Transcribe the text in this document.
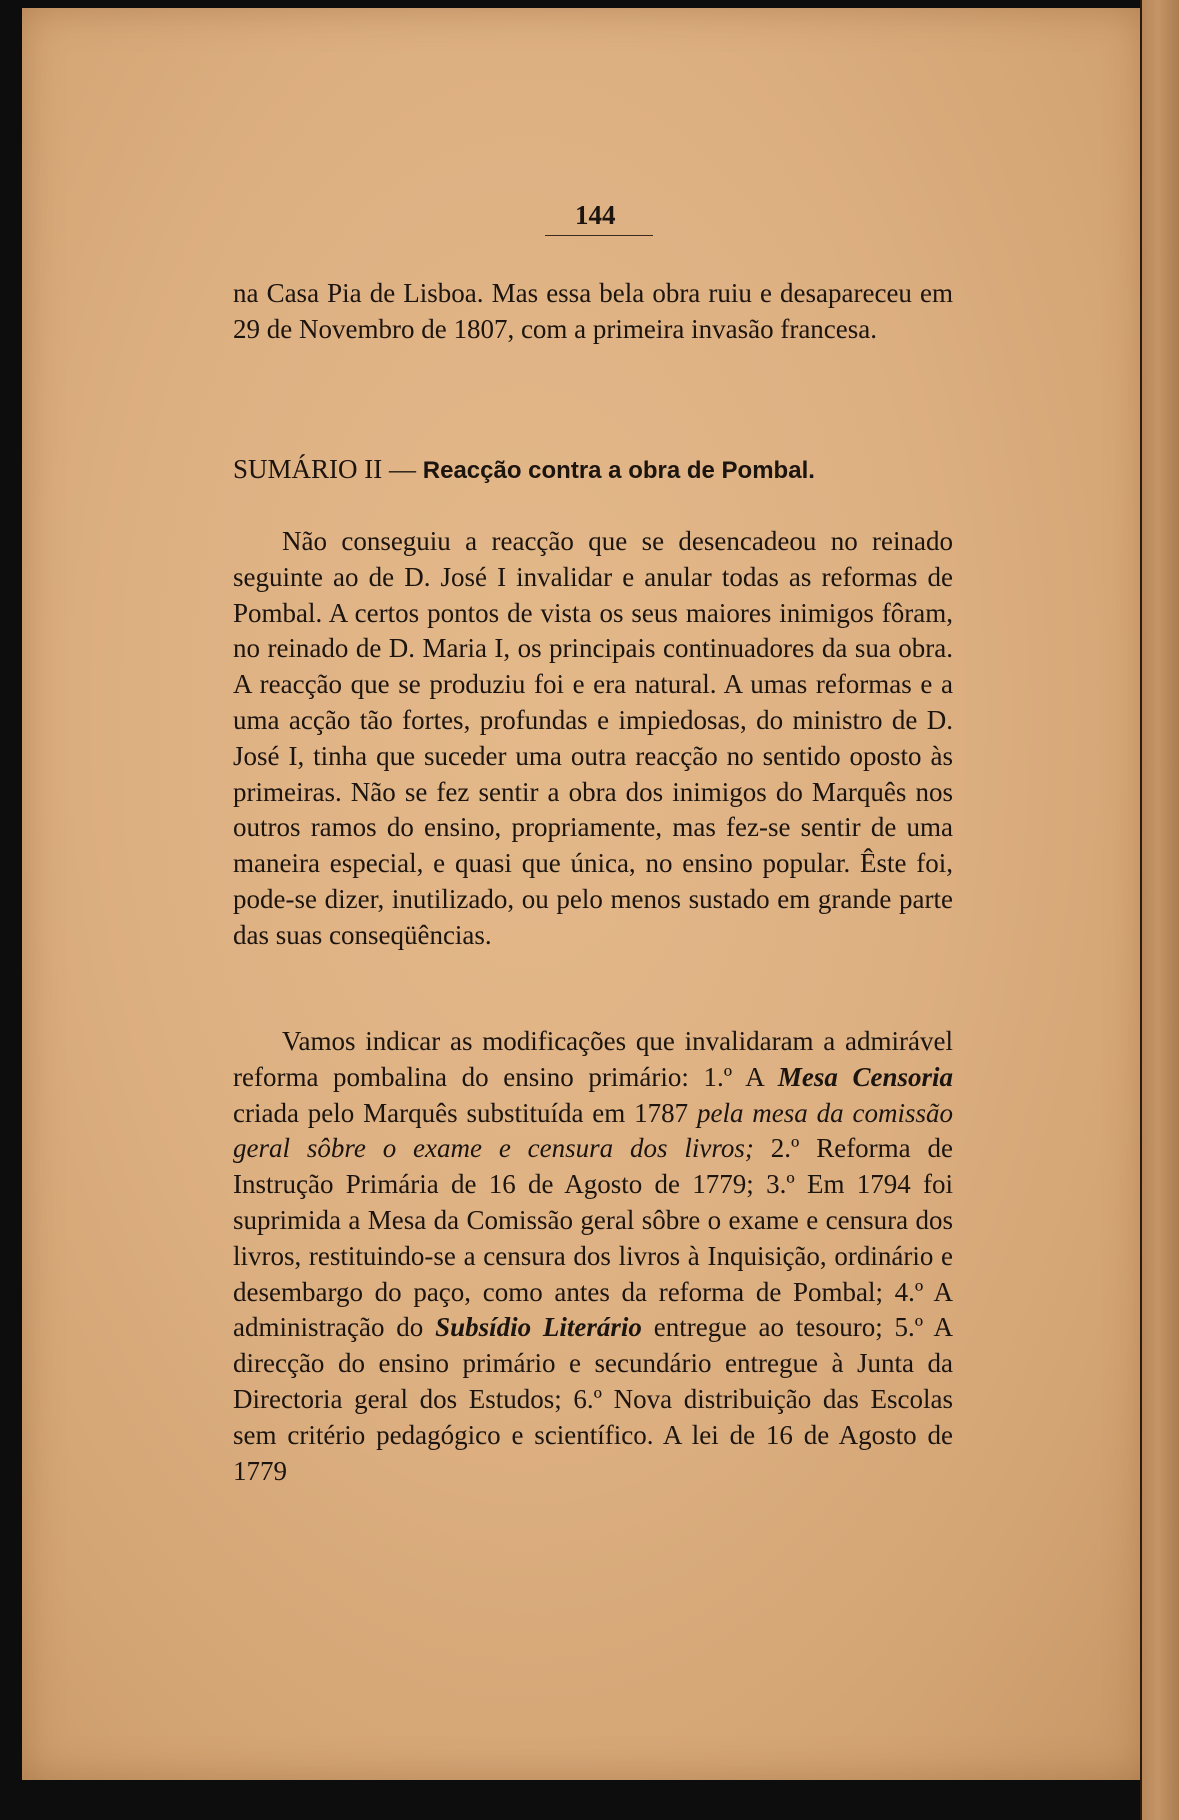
144

na Casa Pia de Lisboa. Mas essa bela obra ruiu e desapareceu em 29 de Novembro de 1807, com a primeira invasão francesa.

SUMÁRIO II — Reacção contra a obra de Pombal.

Não conseguiu a reacção que se desencadeou no reinado seguinte ao de D. José I invalidar e anular todas as reformas de Pombal. A certos pontos de vista os seus maiores inimigos fôram, no reinado de D. Maria I, os principais continuadores da sua obra. A reacção que se produziu foi e era natural. A umas reformas e a uma acção tão fortes, profundas e impiedosas, do ministro de D. José I, tinha que suceder uma outra reacção no sentido oposto às primeiras. Não se fez sentir a obra dos inimigos do Marquês nos outros ramos do ensino, propriamente, mas fez-se sentir de uma maneira especial, e quasi que única, no ensino popular. Êste foi, pode-se dizer, inutilizado, ou pelo menos sustado em grande parte das suas conseqüências.

Vamos indicar as modificações que invalidaram a admirável reforma pombalina do ensino primário: 1.º A Mesa Censoria criada pelo Marquês substituída em 1787 pela mesa da comissão geral sôbre o exame e censura dos livros; 2.º Reforma de Instrução Primária de 16 de Agosto de 1779; 3.º Em 1794 foi suprimida a Mesa da Comissão geral sôbre o exame e censura dos livros, restituindo-se a censura dos livros à Inquisição, ordinário e desembargo do paço, como antes da reforma de Pombal; 4.º A administração do Subsídio Literário entregue ao tesouro; 5.º A direcção do ensino primário e secundário entregue à Junta da Directoria geral dos Estudos; 6.º Nova distribuição das Escolas sem critério pedagógico e scientífico. A lei de 16 de Agosto de 1779
